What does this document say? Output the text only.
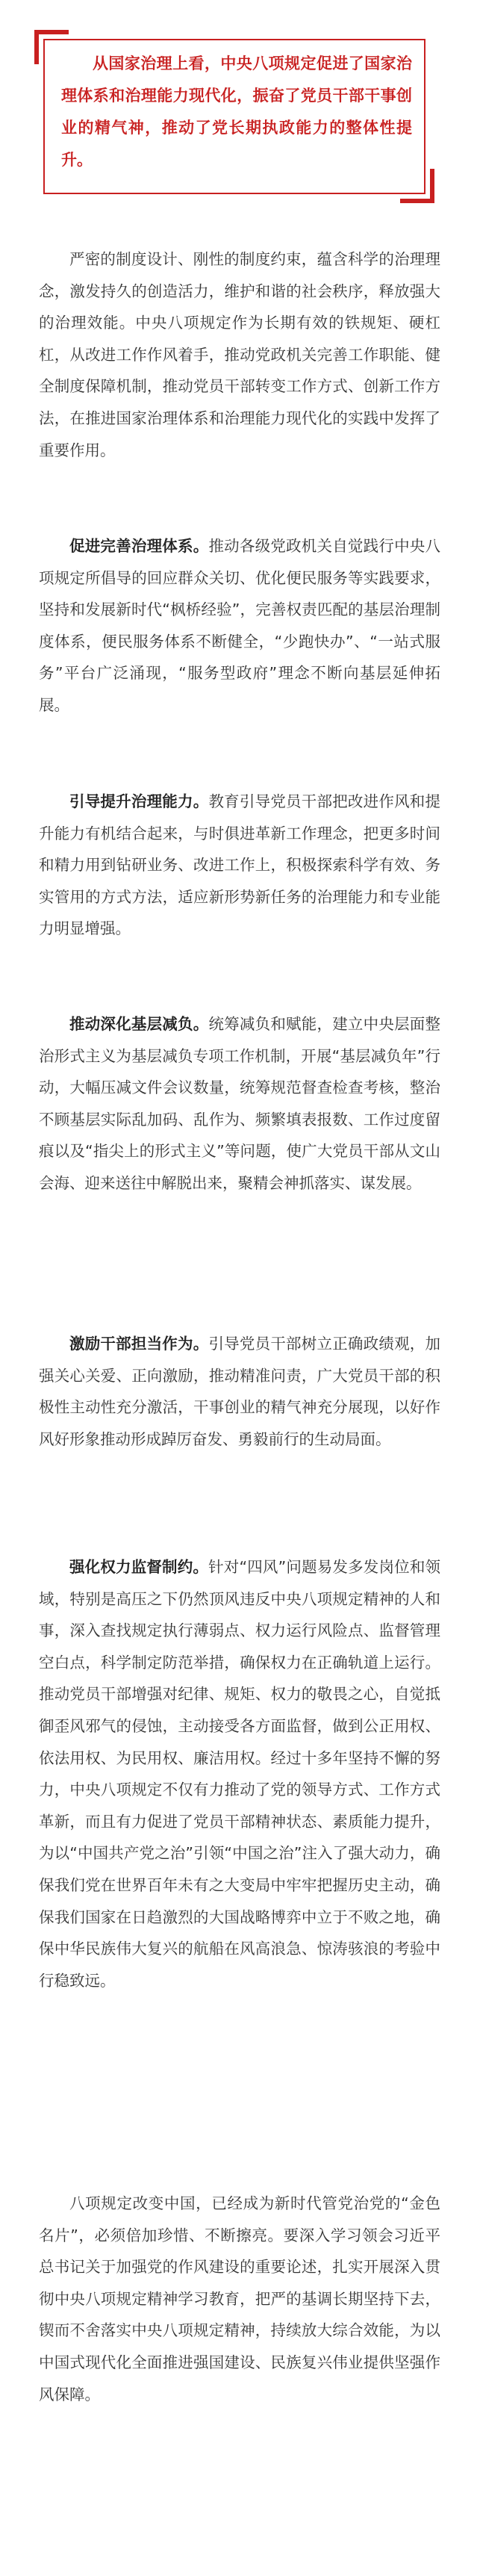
从国家治理上看，中央八项规定促进了国家治理体系和治理能力现代化，振奋了党员干部干事创业的精气神，推动了党长期执政能力的整体性提升。

严密的制度设计、刚性的制度约束，蕴含科学的治理理念，激发持久的创造活力，维护和谐的社会秩序，释放强大的治理效能。中央八项规定作为长期有效的铁规矩、硬杠杠，从改进工作作风着手，推动党政机关完善工作职能、健全制度保障机制，推动党员干部转变工作方式、创新工作方法，在推进国家治理体系和治理能力现代化的实践中发挥了重要作用。

促进完善治理体系。推动各级党政机关自觉践行中央八项规定所倡导的回应群众关切、优化便民服务等实践要求，坚持和发展新时代“枫桥经验”，完善权责匹配的基层治理制度体系，便民服务体系不断健全，“少跑快办”、“一站式服务”平台广泛涌现，“服务型政府”理念不断向基层延伸拓展。

引导提升治理能力。教育引导党员干部把改进作风和提升能力有机结合起来，与时俱进革新工作理念，把更多时间和精力用到钻研业务、改进工作上，积极探索科学有效、务实管用的方式方法，适应新形势新任务的治理能力和专业能力明显增强。

推动深化基层减负。统筹减负和赋能，建立中央层面整治形式主义为基层减负专项工作机制，开展“基层减负年”行动，大幅压减文件会议数量，统筹规范督查检查考核，整治不顾基层实际乱加码、乱作为、频繁填表报数、工作过度留痕以及“指尖上的形式主义”等问题，使广大党员干部从文山会海、迎来送往中解脱出来，聚精会神抓落实、谋发展。

激励干部担当作为。引导党员干部树立正确政绩观，加强关心关爱、正向激励，推动精准问责，广大党员干部的积极性主动性充分激活，干事创业的精气神充分展现，以好作风好形象推动形成踔厉奋发、勇毅前行的生动局面。

强化权力监督制约。针对“四风”问题易发多发岗位和领域，特别是高压之下仍然顶风违反中央八项规定精神的人和事，深入查找规定执行薄弱点、权力运行风险点、监督管理空白点，科学制定防范举措，确保权力在正确轨道上运行。推动党员干部增强对纪律、规矩、权力的敬畏之心，自觉抵御歪风邪气的侵蚀，主动接受各方面监督，做到公正用权、依法用权、为民用权、廉洁用权。经过十多年坚持不懈的努力，中央八项规定不仅有力推动了党的领导方式、工作方式革新，而且有力促进了党员干部精神状态、素质能力提升，为以“中国共产党之治”引领“中国之治”注入了强大动力，确保我们党在世界百年未有之大变局中牢牢把握历史主动，确保我们国家在日趋激烈的大国战略博弈中立于不败之地，确保中华民族伟大复兴的航船在风高浪急、惊涛骇浪的考验中行稳致远。

八项规定改变中国，已经成为新时代管党治党的“金色名片”，必须倍加珍惜、不断擦亮。要深入学习领会习近平总书记关于加强党的作风建设的重要论述，扎实开展深入贯彻中央八项规定精神学习教育，把严的基调长期坚持下去，锲而不舍落实中央八项规定精神，持续放大综合效能，为以中国式现代化全面推进强国建设、民族复兴伟业提供坚强作风保障。
